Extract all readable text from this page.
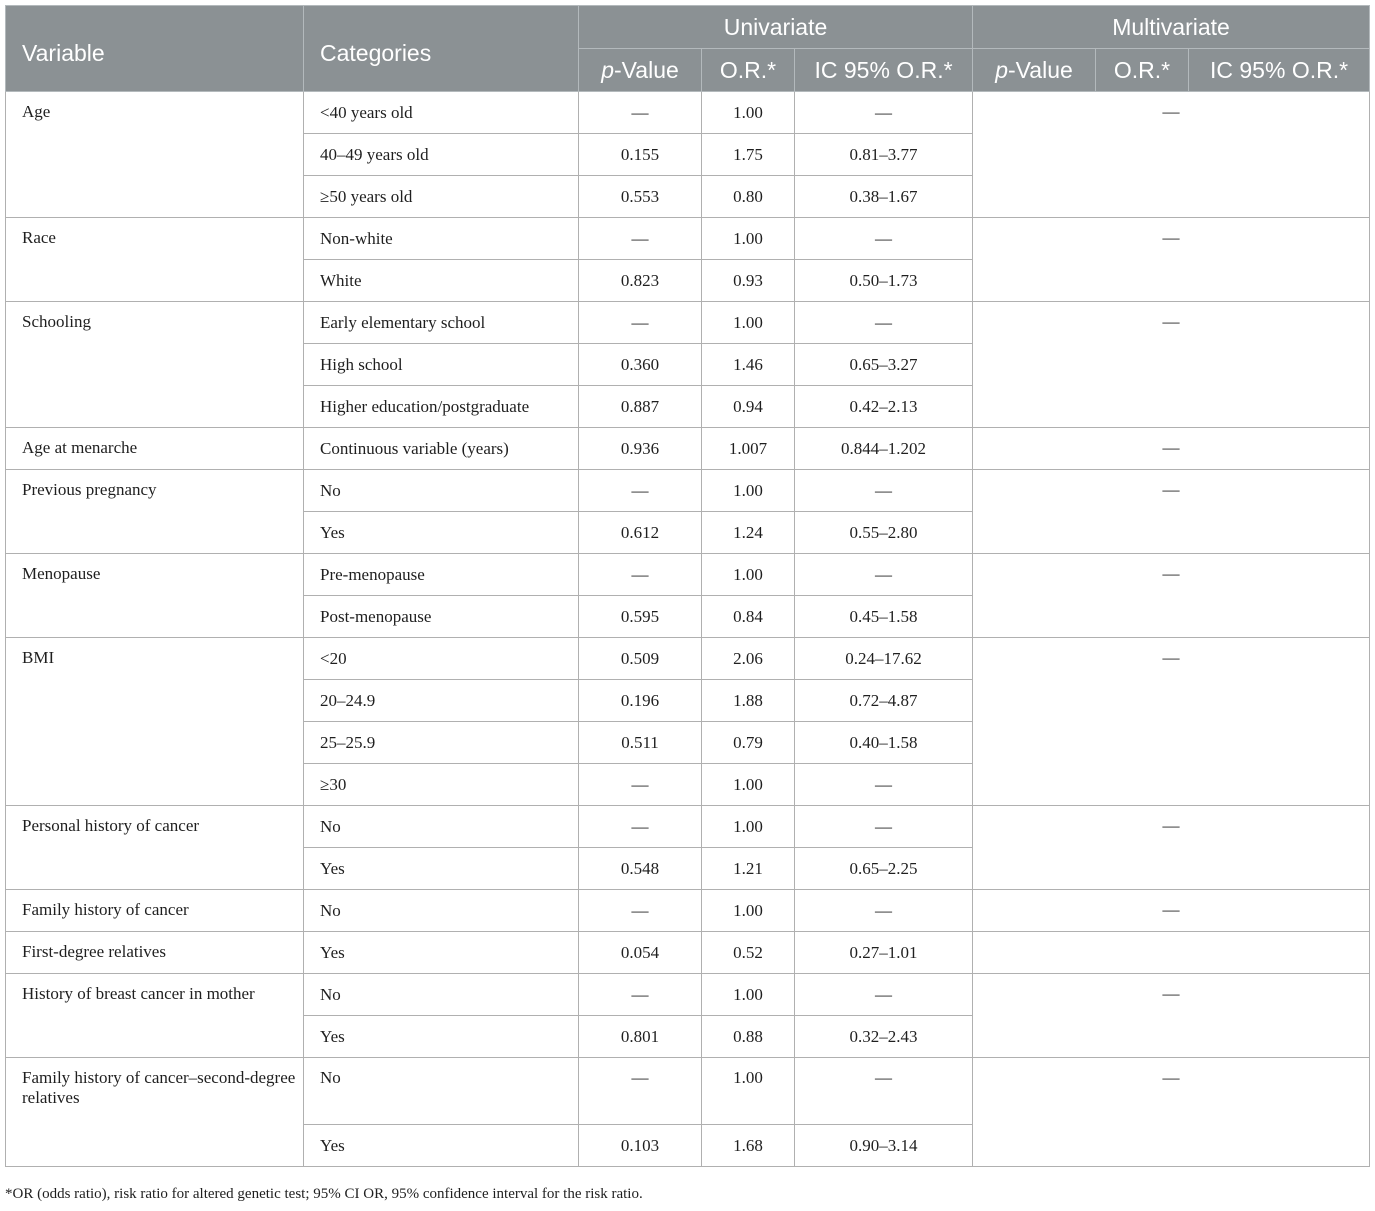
Variable	Categories	Univariate			Multivariate		
		p-Value	O.R.*	IC 95% O.R.*	p-Value	O.R.*	IC 95% O.R.*
Age	<40 years old	—	1.00	—	—		
	40–49 years old	0.155	1.75	0.81–3.77			
	≥50 years old	0.553	0.80	0.38–1.67			
Race	Non-white	—	1.00	—	—		
	White	0.823	0.93	0.50–1.73			
Schooling	Early elementary school	—	1.00	—	—		
	High school	0.360	1.46	0.65–3.27			
	Higher education/postgraduate	0.887	0.94	0.42–2.13			
Age at menarche	Continuous variable (years)	0.936	1.007	0.844–1.202	—		
Previous pregnancy	No	—	1.00	—	—		
	Yes	0.612	1.24	0.55–2.80			
Menopause	Pre-menopause	—	1.00	—	—		
	Post-menopause	0.595	0.84	0.45–1.58			
BMI	<20	0.509	2.06	0.24–17.62	—		
	20–24.9	0.196	1.88	0.72–4.87			
	25–25.9	0.511	0.79	0.40–1.58			
	≥30	—	1.00	—			
Personal history of cancer	No	—	1.00	—	—		
	Yes	0.548	1.21	0.65–2.25			
Family history of cancer	No	—	1.00	—	—		
First-degree relatives	Yes	0.054	0.52	0.27–1.01			
History of breast cancer in mother	No	—	1.00	—	—		
	Yes	0.801	0.88	0.32–2.43			
Family history of cancer–second-degree relatives	No	—	1.00	—	—		
	Yes	0.103	1.68	0.90–3.14			
*OR (odds ratio), risk ratio for altered genetic test; 95% CI OR, 95% confidence interval for the risk ratio.
